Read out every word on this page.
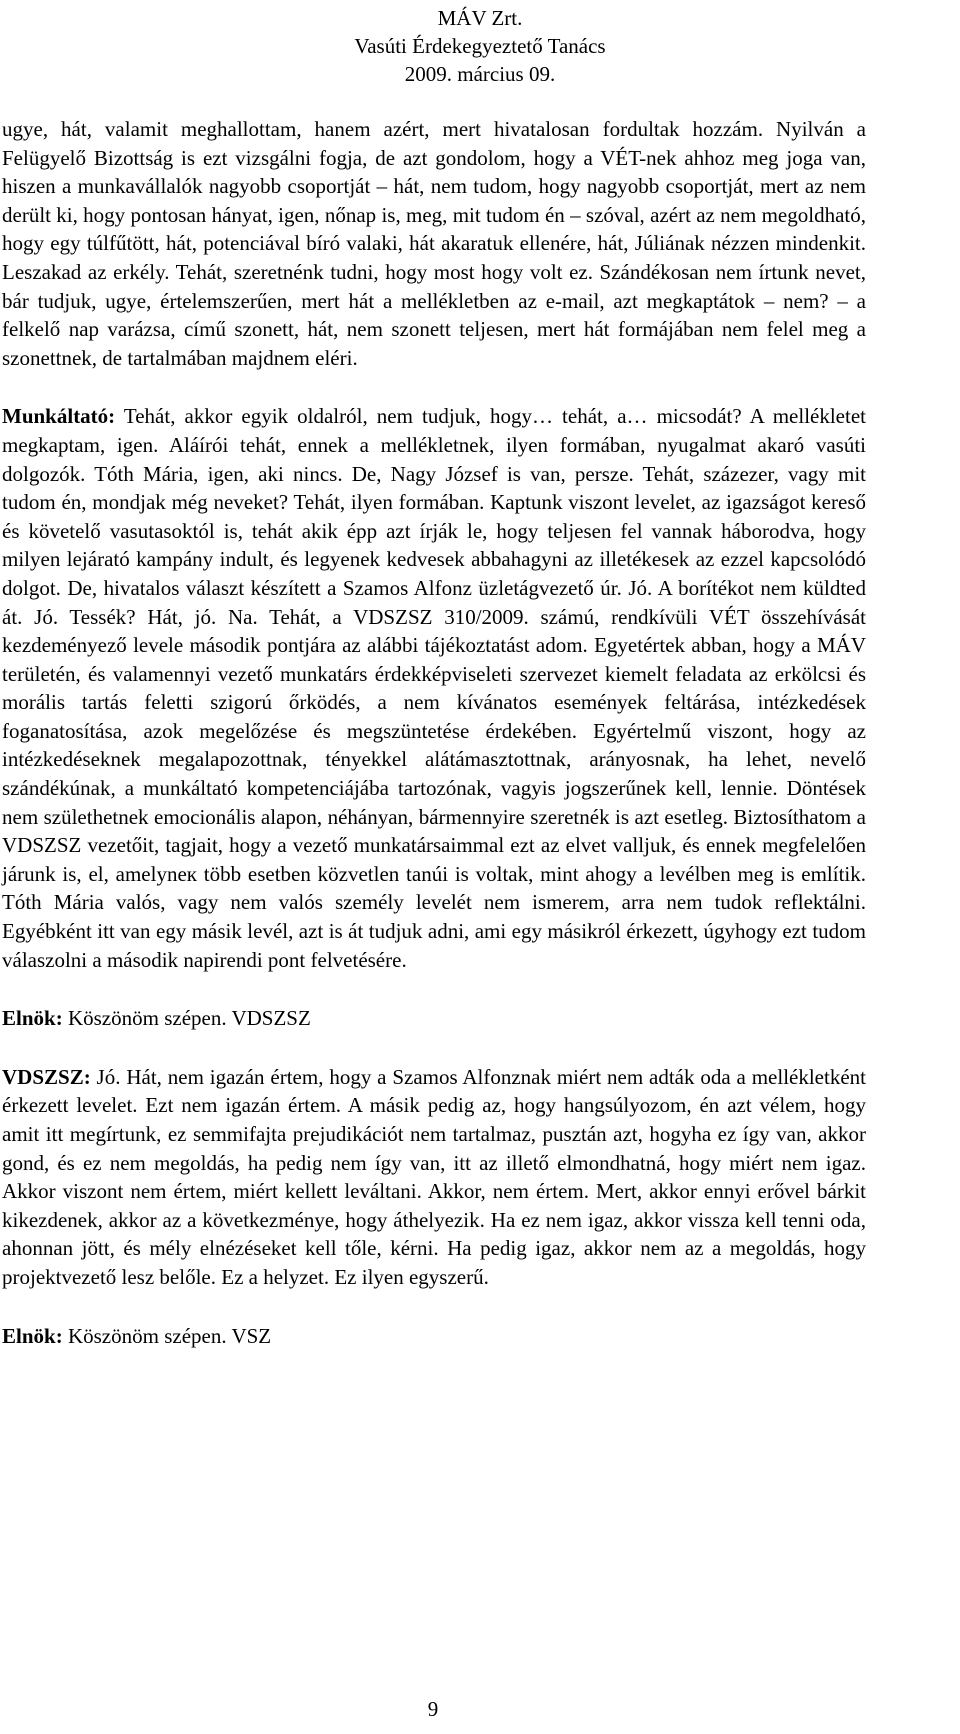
MÁV Zrt.
Vasúti Érdekegyeztető Tanács
2009. március 09.

ugye, hát, valamit meghallottam, hanem azért, mert hivatalosan fordultak hozzám. Nyilván a Felügyelő Bizottság is ezt vizsgálni fogja, de azt gondolom, hogy a VÉT-nek ahhoz meg joga van, hiszen a munkavállalók nagyobb csoportját – hát, nem tudom, hogy nagyobb csoportját, mert az nem derült ki, hogy pontosan hányat, igen, nőnap is, meg, mit tudom én – szóval, azért az nem megoldható, hogy egy túlfűtött, hát, potenciával bíró valaki, hát akaratuk ellenére, hát, Júliának nézzen mindenkit. Leszakad az erkély. Tehát, szeretnénk tudni, hogy most hogy volt ez. Szándékosan nem írtunk nevet, bár tudjuk, ugye, értelemszerűen, mert hát a mellékletben az e-mail, azt megkaptátok – nem? – a felkelő nap varázsa, című szonett, hát, nem szonett teljesen, mert hát formájában nem felel meg a szonettnek, de tartalmában majdnem eléri.

Munkáltató: Tehát, akkor egyik oldalról, nem tudjuk, hogy… tehát, a… micsodát? A mellékletet megkaptam, igen. Aláírói tehát, ennek a mellékletnek, ilyen formában, nyugalmat akaró vasúti dolgozók. Tóth Mária, igen, aki nincs. De, Nagy József is van, persze. Tehát, százezer, vagy mit tudom én, mondjak még neveket? Tehát, ilyen formában. Kaptunk viszont levelet, az igazságot kereső és követelő vasutasoktól is, tehát akik épp azt írják le, hogy teljesen fel vannak háborodva, hogy milyen lejárató kampány indult, és legyenek kedvesek abbahagyni az illetékesek az ezzel kapcsolódó dolgot. De, hivatalos választ készített a Szamos Alfonz üzletágvezető úr. Jó. A borítékot nem küldted át. Jó. Tessék? Hát, jó. Na. Tehát, a VDSZSZ 310/2009. számú, rendkívüli VÉT összehívását kezdeményező levele második pontjára az alábbi tájékoztatást adom. Egyetértek abban, hogy a MÁV területén, és valamennyi vezető munkatárs érdekképviseleti szervezet kiemelt feladata az erkölcsi és morális tartás feletti szigorú őrködés, a nem kívánatos események feltárása, intézkedések foganatosítása, azok megelőzése és megszüntetése érdekében. Egyértelmű viszont, hogy az intézkedéseknek megalapozottnak, tényekkel alátámasztottnak, arányosnak, ha lehet, nevelő szándékúnak, a munkáltató kompetenciájába tartozónak, vagyis jogszerűnek kell, lennie. Döntések nem születhetnek emocionális alapon, néhányan, bármennyire szeretnék is azt esetleg. Biztosíthatom a VDSZSZ vezetőit, tagjait, hogy a vezető munkatársaimmal ezt az elvet valljuk, és ennek megfelelően járunk is, el, amelyneк több esetben közvetlen tanúi is voltak, mint ahogy a levélben meg is említik. Tóth Mária valós, vagy nem valós személy levelét nem ismerem, arra nem tudok reflektálni. Egyébként itt van egy másik levél, azt is át tudjuk adni, ami egy másikról érkezett, úgyhogy ezt tudom válaszolni a második napirendi pont felvetésére.

Elnök: Köszönöm szépen. VDSZSZ

VDSZSZ: Jó. Hát, nem igazán értem, hogy a Szamos Alfonznak miért nem adták oda a mellékletként érkezett levelet. Ezt nem igazán értem. A másik pedig az, hogy hangsúlyozom, én azt vélem, hogy amit itt megírtunk, ez semmifajta prejudikációt nem tartalmaz, pusztán azt, hogyha ez így van, akkor gond, és ez nem megoldás, ha pedig nem így van, itt az illető elmondhatná, hogy miért nem igaz. Akkor viszont nem értem, miért kellett leváltani. Akkor, nem értem. Mert, akkor ennyi erővel bárkit kikezdenek, akkor az a következménye, hogy áthelyezik. Ha ez nem igaz, akkor vissza kell tenni oda, ahonnan jött, és mély elnézéseket kell tőle, kérni. Ha pedig igaz, akkor nem az a megoldás, hogy projektvezető lesz belőle. Ez a helyzet. Ez ilyen egyszerű.

Elnök: Köszönöm szépen. VSZ

9
